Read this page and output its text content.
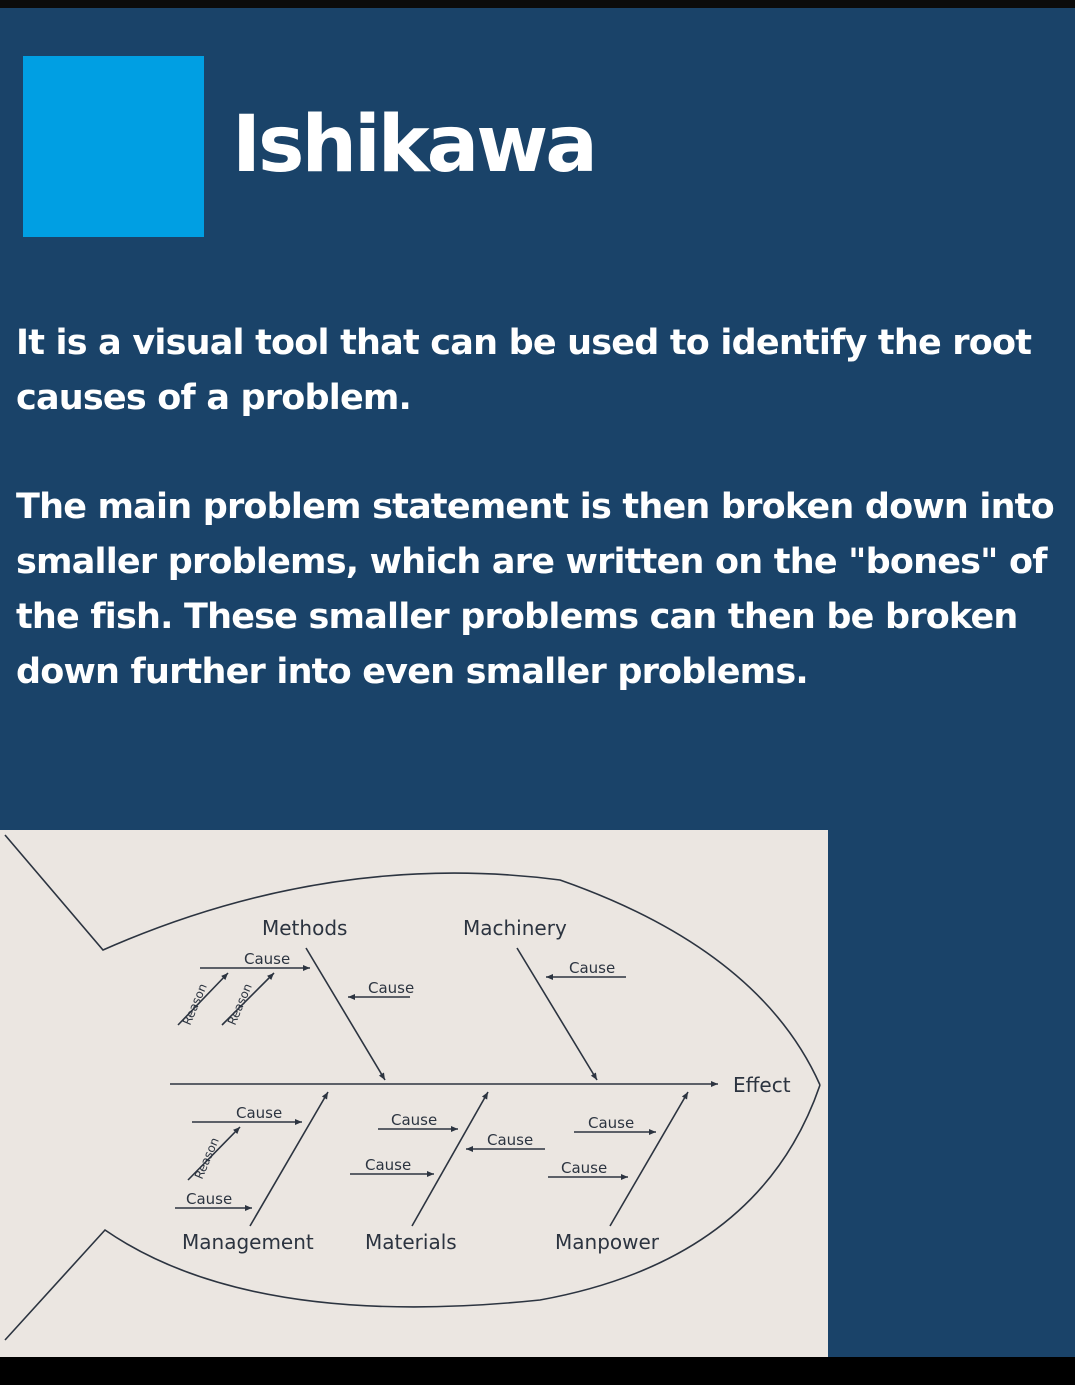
Ishikawa

It is a visual tool that can be used to identify the root causes of a problem.

The main problem statement is then broken down into smaller problems, which are written on the "bones" of the fish. These smaller problems can then be broken down further into even smaller problems.

Methods	Machinery
Management	Materials	Manpower
Effect
Cause
Cause
Cause
Cause
Cause
Cause
Cause
Cause
Cause
Cause
Reason Reason
Reason
